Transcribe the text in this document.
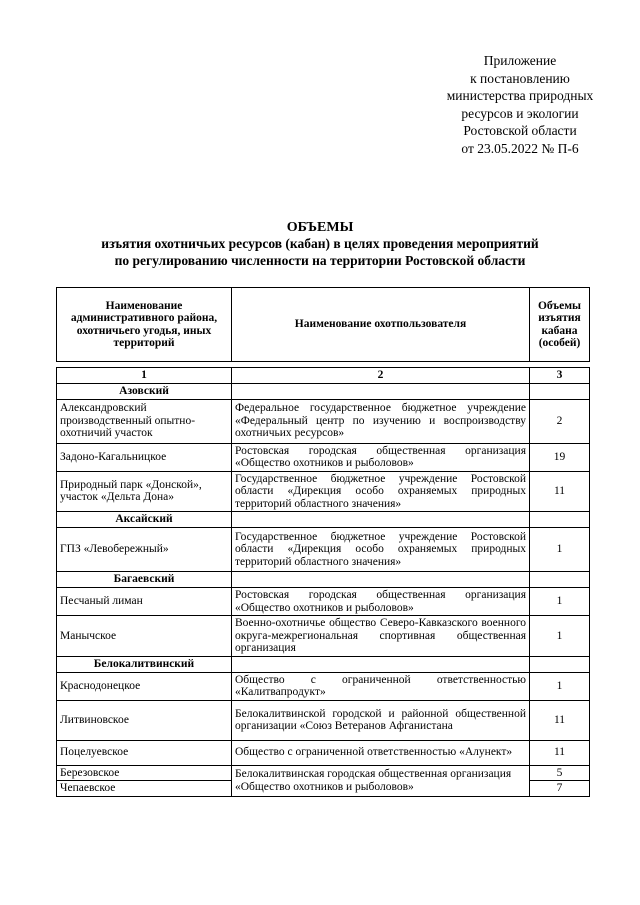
Приложение
к постановлению
министерства природных
ресурсов и экологии
Ростовской области
от 23.05.2022 № П-6
ОБЪЕМЫ
изъятия охотничьих ресурсов (кабан) в целях проведения мероприятий
по регулированию численности на территории Ростовской области
Наименование административного района, охотничьего угодья, иных территорий	Наименование охотпользователя	Объемы изъятия кабана (особей)

1	2	3
Азовский		
Александровский производственный опытно-охотничий участок	Федеральное государственное бюджетное учреждение «Федеральный центр по изучению и воспроизводству охотничьих ресурсов»	2
Задоно-Кагальницкое	Ростовская городская общественная организация «Общество охотников и рыболовов»	19
Природный парк «Донской», участок «Дельта Дона»	Государственное бюджетное учреждение Ростовской области «Дирекция особо охраняемых природных территорий областного значения»	11
Аксайский		
ГПЗ «Левобережный»	Государственное бюджетное учреждение Ростовской области «Дирекция особо охраняемых природных территорий областного значения»	1
Багаевский		
Песчаный лиман	Ростовская городская общественная организация «Общество охотников и рыболовов»	1
Манычское	Военно-охотничье общество Северо-Кавказского военного округа-межрегиональная спортивная общественная организация	1
Белокалитвинский		
Краснодонецкое	Общество с ограниченной ответственностью «Калитвапродукт»	1
Литвиновское	Белокалитвинской городской и районной общественной организации «Союз Ветеранов Афганистана	11
Поцелуевское	Общество с ограниченной ответственностью «Алунект»	11
Березовское	Белокалитвинская городская общественная организация «Общество охотников и рыболовов»	5
Чепаевское		7
